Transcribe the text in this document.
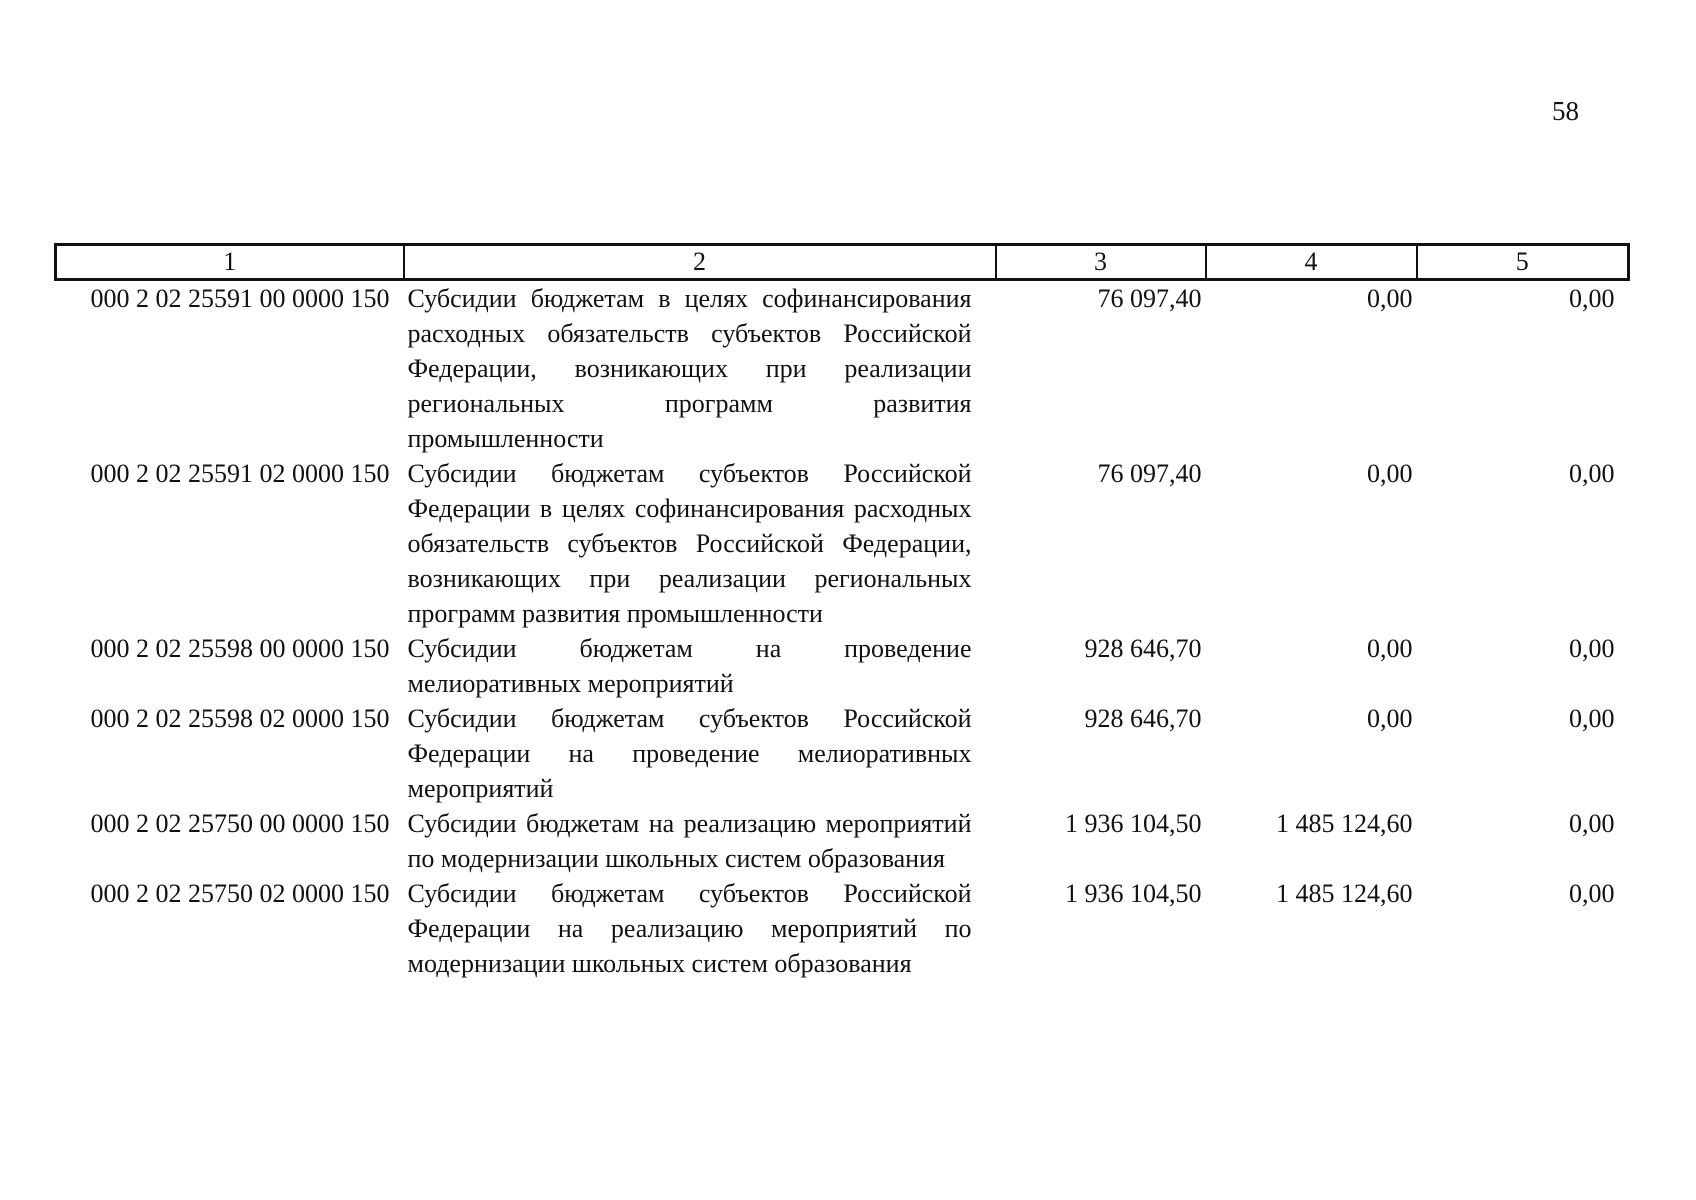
58
1	2	3	4	5
000 2 02 25591 00 0000 150	Субсидии бюджетам в целях софинансирования расходных обязательств субъектов Российской Федерации, возникающих при реализации региональных программ развития промышленности	76 097,40	0,00	0,00
000 2 02 25591 02 0000 150	Субсидии бюджетам субъектов Российской Федерации в целях софинансирования расходных обязательств субъектов Российской Федерации, возникающих при реализации региональных программ развития промышленности	76 097,40	0,00	0,00
000 2 02 25598 00 0000 150	Субсидии бюджетам на проведение мелиоративных мероприятий	928 646,70	0,00	0,00
000 2 02 25598 02 0000 150	Субсидии бюджетам субъектов Российской Федерации на проведение мелиоративных мероприятий	928 646,70	0,00	0,00
000 2 02 25750 00 0000 150	Субсидии бюджетам на реализацию мероприятий по модернизации школьных систем образования	1 936 104,50	1 485 124,60	0,00
000 2 02 25750 02 0000 150	Субсидии бюджетам субъектов Российской Федерации на реализацию мероприятий по модернизации школьных систем образования	1 936 104,50	1 485 124,60	0,00
